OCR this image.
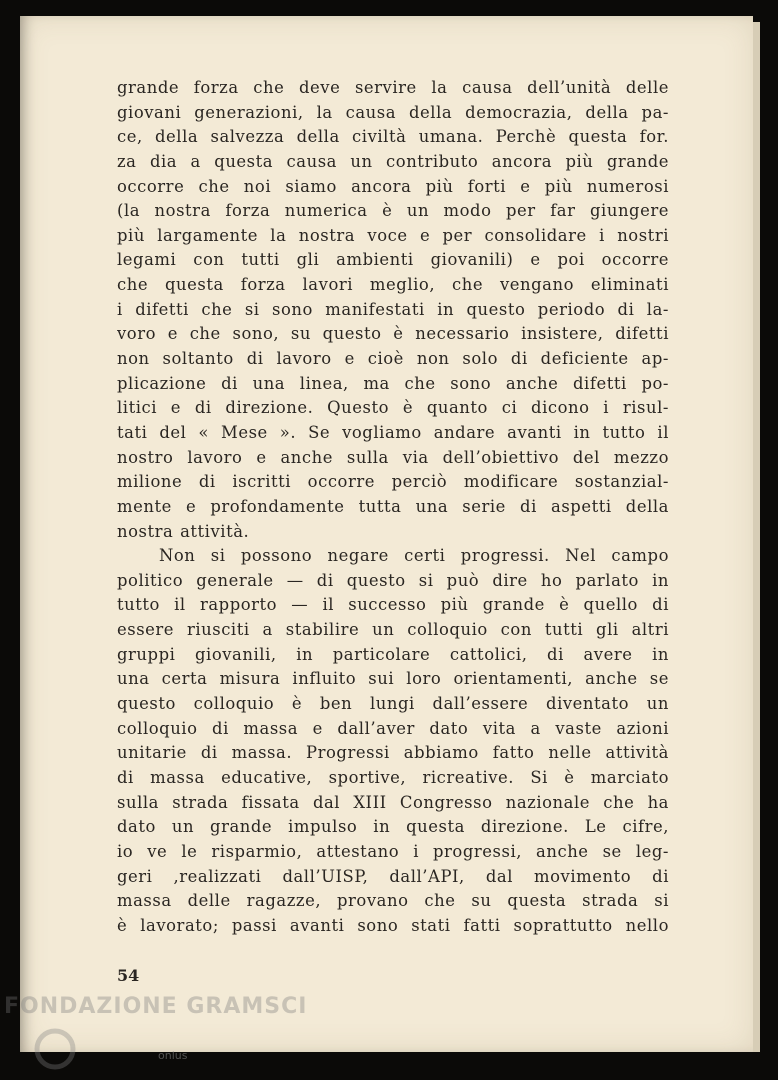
grande forza che deve servire la causa dell’unità delle
giovani generazioni, la causa della democrazia, della pa-
ce, della salvezza della civiltà umana. Perchè questa for.
za dia a questa causa un contributo ancora più grande
occorre che noi siamo ancora più forti e più numerosi
(la nostra forza numerica è un modo per far giungere
più largamente la nostra voce e per consolidare i nostri
legami con tutti gli ambienti giovanili) e poi occorre
che questa forza lavori meglio, che vengano eliminati
i difetti che si sono manifestati in questo periodo di la-
voro e che sono, su questo è necessario insistere, difetti
non soltanto di lavoro e cioè non solo di deficiente ap-
plicazione di una linea, ma che sono anche difetti po-
litici e di direzione. Questo è quanto ci dicono i risul-
tati del « Mese ». Se vogliamo andare avanti in tutto il
nostro lavoro e anche sulla via dell’obiettivo del mezzo
milione di iscritti occorre perciò modificare sostanzial-
mente e profondamente tutta una serie di aspetti della
nostra attività.
Non si possono negare certi progressi. Nel campo
politico generale — di questo si può dire ho parlato in
tutto il rapporto — il successo più grande è quello di
essere riusciti a stabilire un colloquio con tutti gli altri
gruppi giovanili, in particolare cattolici, di avere in
una certa misura influito sui loro orientamenti, anche se
questo colloquio è ben lungi dall’essere diventato un
colloquio di massa e dall’aver dato vita a vaste azioni
unitarie di massa. Progressi abbiamo fatto nelle attività
di massa educative, sportive, ricreative. Si è marciato
sulla strada fissata dal XIII Congresso nazionale che ha
dato un grande impulso in questa direzione. Le cifre,
io ve le risparmio, attestano i progressi, anche se leg-
geri ,realizzati dall’UISP, dall’API, dal movimento di
massa delle ragazze, provano che su questa strada si
è lavorato; passi avanti sono stati fatti soprattutto nello
54
FONDAZIONE GRAMSCI
onlus
